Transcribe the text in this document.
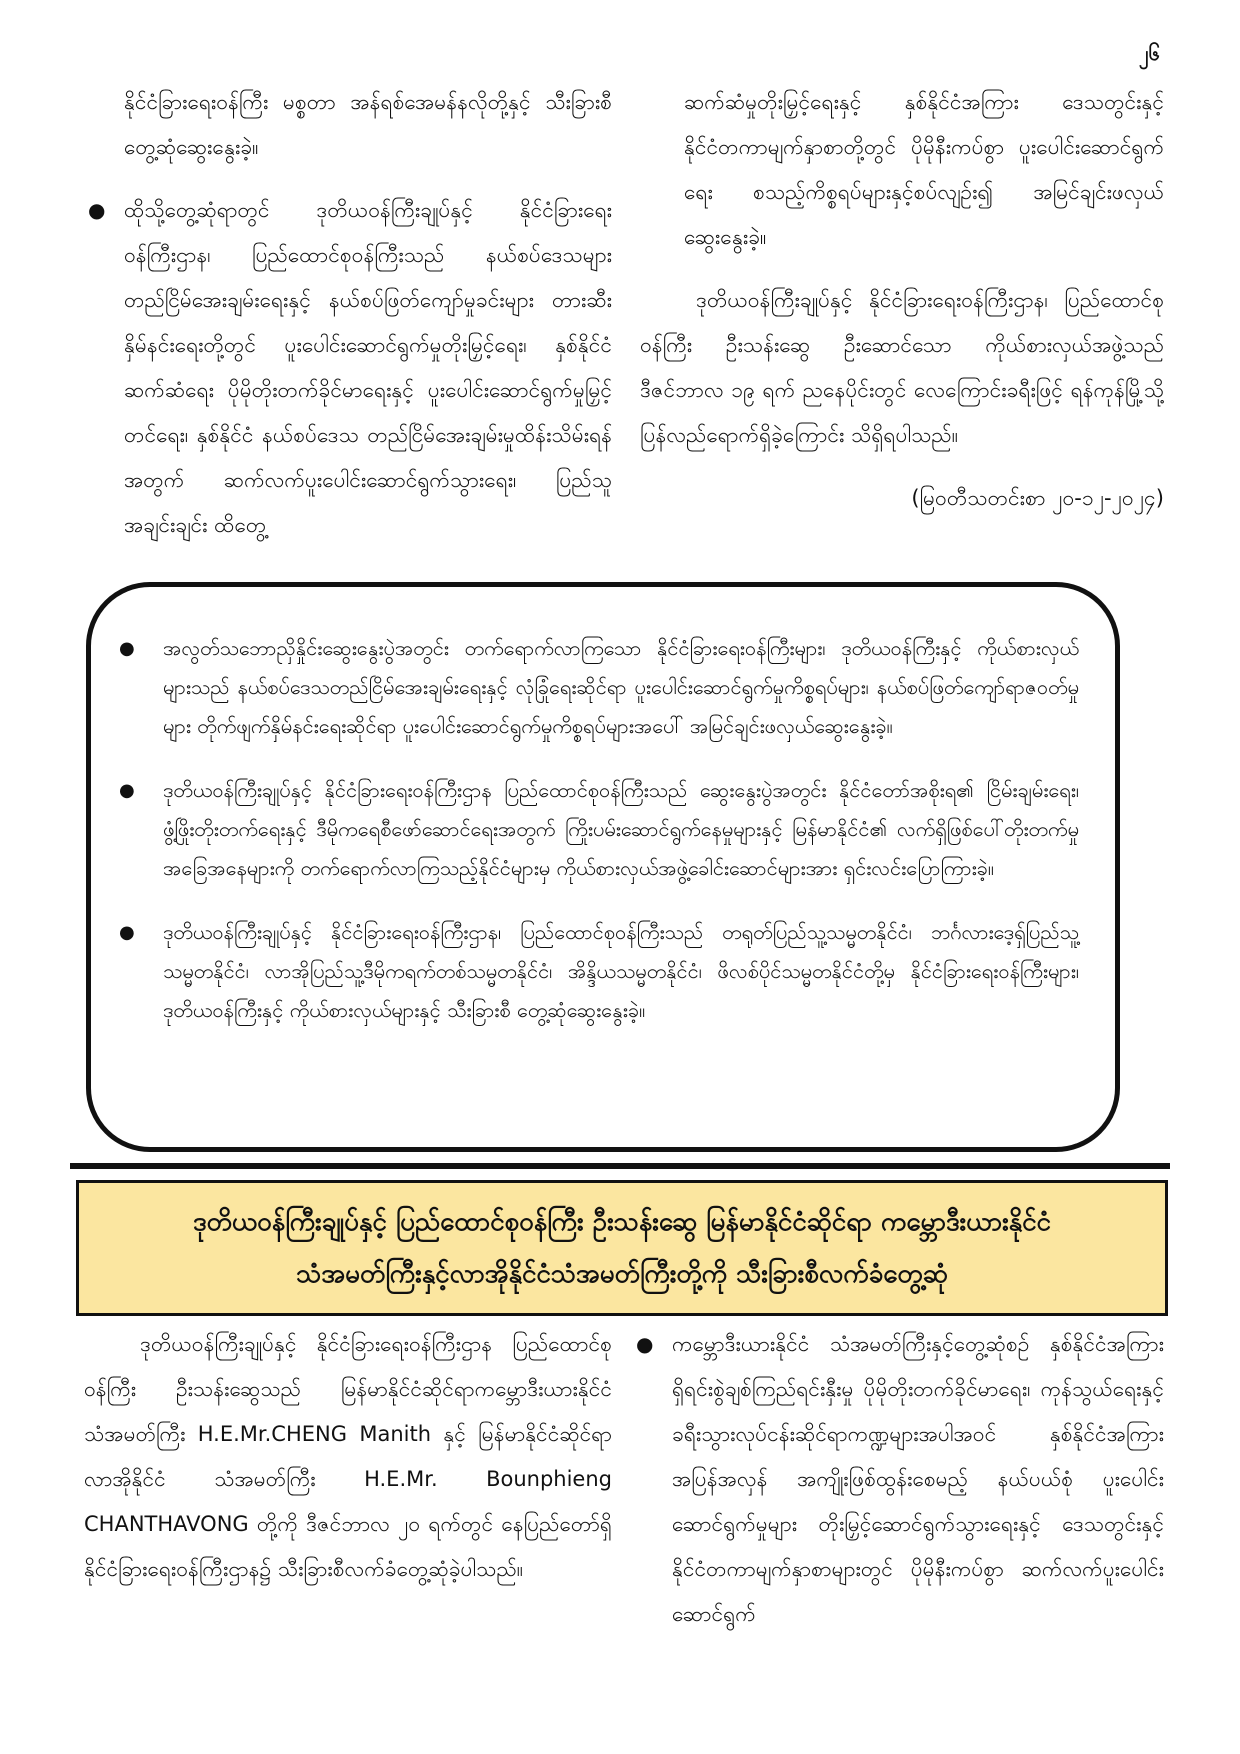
၂၆

နိုင်ငံခြားရေးဝန်ကြီး မစ္စတာ အန်ရစ်အေမန်နလိုတို့နှင့် သီးခြားစီ တွေ့ဆုံဆွေးနွေးခဲ့။

● ထိုသို့တွေ့ဆုံရာတွင် ဒုတိယဝန်ကြီးချုပ်နှင့် နိုင်ငံခြားရေးဝန်ကြီးဌာန၊ ပြည်ထောင်စုဝန်ကြီးသည် နယ်စပ်ဒေသများ တည်ငြိမ်အေးချမ်းရေးနှင့် နယ်စပ်ဖြတ်ကျော်မှုခင်းများ တားဆီးနှိမ်နင်းရေးတို့တွင် ပူးပေါင်းဆောင်ရွက်မှုတိုးမြှင့်ရေး၊ နှစ်နိုင်ငံဆက်ဆံရေး ပိုမိုတိုးတက်ခိုင်မာရေးနှင့် ပူးပေါင်းဆောင်ရွက်မှုမြှင့်တင်ရေး၊ နှစ်နိုင်ငံ နယ်စပ်ဒေသ တည်ငြိမ်အေးချမ်းမှုထိန်းသိမ်းရန်အတွက် ဆက်လက်ပူးပေါင်းဆောင်ရွက်သွားရေး၊ ပြည်သူအချင်းချင်း ထိတွေ့

ဆက်ဆံမှုတိုးမြှင့်ရေးနှင့် နှစ်နိုင်ငံအကြား ဒေသတွင်းနှင့် နိုင်ငံတကာမျက်နှာစာတို့တွင် ပိုမိုနီးကပ်စွာ ပူးပေါင်းဆောင်ရွက်ရေး စသည့်ကိစ္စရပ်များနှင့်စပ်လျဉ်း၍ အမြင်ချင်းဖလှယ် ဆွေးနွေးခဲ့။

ဒုတိယဝန်ကြီးချုပ်နှင့် နိုင်ငံခြားရေးဝန်ကြီးဌာန၊ ပြည်ထောင်စုဝန်ကြီး ဦးသန်းဆွေ ဦးဆောင်သော ကိုယ်စားလှယ်အဖွဲ့သည် ဒီဇင်ဘာလ ၁၉ ရက် ညနေပိုင်းတွင် လေကြောင်းခရီးဖြင့် ရန်ကုန်မြို့သို့ ပြန်လည်ရောက်ရှိခဲ့ကြောင်း သိရှိရပါသည်။

(မြဝတီသတင်းစာ ၂၀-၁၂-၂၀၂၄)
● အလွတ်သဘောညှိနှိုင်းဆွေးနွေးပွဲအတွင်း တက်ရောက်လာကြသော နိုင်ငံခြားရေးဝန်ကြီးများ၊ ဒုတိယဝန်ကြီးနှင့် ကိုယ်စားလှယ်များသည် နယ်စပ်ဒေသတည်ငြိမ်အေးချမ်းရေးနှင့် လုံခြုံရေးဆိုင်ရာ ပူးပေါင်းဆောင်ရွက်မှုကိစ္စရပ်များ၊ နယ်စပ်ဖြတ်ကျော်ရာဇဝတ်မှုများ တိုက်ဖျက်နှိမ်နင်းရေးဆိုင်ရာ ပူးပေါင်းဆောင်ရွက်မှုကိစ္စရပ်များအပေါ် အမြင်ချင်းဖလှယ်ဆွေးနွေးခဲ့။
● ဒုတိယဝန်ကြီးချုပ်နှင့် နိုင်ငံခြားရေးဝန်ကြီးဌာန ပြည်ထောင်စုဝန်ကြီးသည် ဆွေးနွေးပွဲအတွင်း နိုင်ငံတော်အစိုးရ၏ ငြိမ်းချမ်းရေး၊ ဖွံ့ဖြိုးတိုးတက်ရေးနှင့် ဒီမိုကရေစီဖော်ဆောင်ရေးအတွက် ကြိုးပမ်းဆောင်ရွက်နေမှုများနှင့် မြန်မာနိုင်ငံ၏ လက်ရှိဖြစ်ပေါ်တိုးတက်မှုအခြေအနေများကို တက်ရောက်လာကြသည့်နိုင်ငံများမှ ကိုယ်စားလှယ်အဖွဲ့ခေါင်းဆောင်များအား ရှင်းလင်းပြောကြားခဲ့။
● ဒုတိယဝန်ကြီးချုပ်နှင့် နိုင်ငံခြားရေးဝန်ကြီးဌာန၊ ပြည်ထောင်စုဝန်ကြီးသည် တရုတ်ပြည်သူ့သမ္မတနိုင်ငံ၊ ဘင်္ဂလားဒေ့ရှ်ပြည်သူ့သမ္မတနိုင်ငံ၊ လာအိုပြည်သူ့ဒီမိုကရက်တစ်သမ္မတနိုင်ငံ၊ အိန္ဒိယသမ္မတနိုင်ငံ၊ ဖိလစ်ပိုင်သမ္မတနိုင်ငံတို့မှ နိုင်ငံခြားရေးဝန်ကြီးများ၊ ဒုတိယဝန်ကြီးနှင့် ကိုယ်စားလှယ်များနှင့် သီးခြားစီ တွေ့ဆုံဆွေးနွေးခဲ့။
ဒုတိယဝန်ကြီးချုပ်နှင့် ပြည်ထောင်စုဝန်ကြီး ဦးသန်းဆွေ မြန်မာနိုင်ငံဆိုင်ရာ ကမ္ဘောဒီးယားနိုင်ငံ
သံအမတ်ကြီးနှင့်လာအိုနိုင်ငံသံအမတ်ကြီးတို့ကို သီးခြားစီလက်ခံတွေ့ဆုံ

ဒုတိယဝန်ကြီးချုပ်နှင့် နိုင်ငံခြားရေးဝန်ကြီးဌာန ပြည်ထောင်စုဝန်ကြီး ဦးသန်းဆွေသည် မြန်မာနိုင်ငံဆိုင်ရာကမ္ဘောဒီးယားနိုင်ငံ သံအမတ်ကြီး H.E.Mr.CHENG Manith နှင့် မြန်မာနိုင်ငံဆိုင်ရာလာအိုနိုင်ငံ သံအမတ်ကြီး H.E.Mr. Bounphieng CHANTHAVONG တို့ကို ဒီဇင်ဘာလ ၂၀ ရက်တွင် နေပြည်တော်ရှိ နိုင်ငံခြားရေးဝန်ကြီးဌာန၌ သီးခြားစီလက်ခံတွေ့ဆုံခဲ့ပါသည်။

● ကမ္ဘောဒီးယားနိုင်ငံ သံအမတ်ကြီးနှင့်တွေ့ဆုံစဉ် နှစ်နိုင်ငံအကြား ရှိရင်းစွဲချစ်ကြည်ရင်းနှီးမှု ပိုမိုတိုးတက်ခိုင်မာရေး၊ ကုန်သွယ်ရေးနှင့် ခရီးသွားလုပ်ငန်းဆိုင်ရာကဏ္ဍများအပါအဝင် နှစ်နိုင်ငံအကြား အပြန်အလှန် အကျိုးဖြစ်ထွန်းစေမည့် နယ်ပယ်စုံ ပူးပေါင်းဆောင်ရွက်မှုများ တိုးမြှင့်ဆောင်ရွက်သွားရေးနှင့် ဒေသတွင်းနှင့် နိုင်ငံတကာမျက်နှာစာများတွင် ပိုမိုနီးကပ်စွာ ဆက်လက်ပူးပေါင်းဆောင်ရွက်
